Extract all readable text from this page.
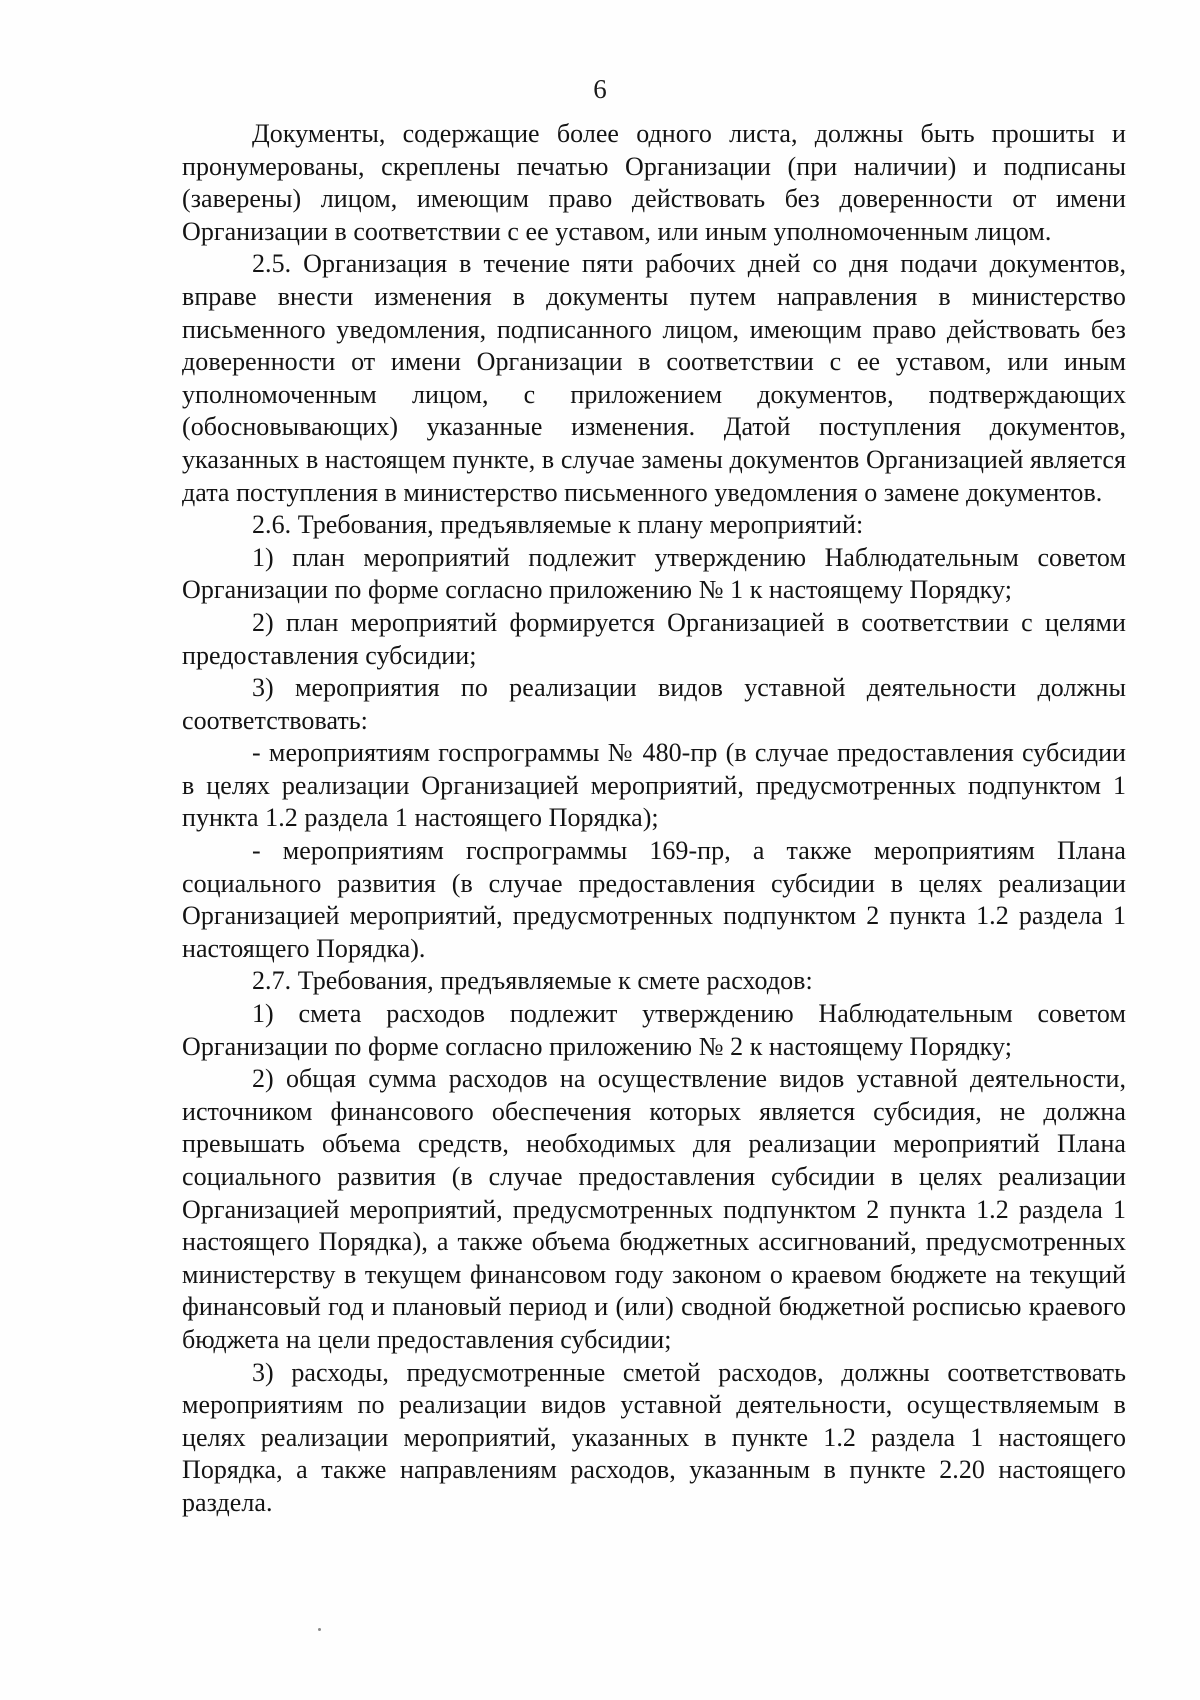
6

Документы, содержащие более одного листа, должны быть прошиты и пронумерованы, скреплены печатью Организации (при наличии) и подписаны (заверены) лицом, имеющим право действовать без доверенности от имени Организации в соответствии с ее уставом, или иным уполномоченным лицом.

2.5. Организация в течение пяти рабочих дней со дня подачи документов, вправе внести изменения в документы путем направления в министерство письменного уведомления, подписанного лицом, имеющим право действовать без доверенности от имени Организации в соответствии с ее уставом, или иным уполномоченным лицом, с приложением документов, подтверждающих (обосновывающих) указанные изменения. Датой поступления документов, указанных в настоящем пункте, в случае замены документов Организацией является дата поступления в министерство письменного уведомления о замене документов.

2.6. Требования, предъявляемые к плану мероприятий:

1) план мероприятий подлежит утверждению Наблюдательным советом Организации по форме согласно приложению № 1 к настоящему Порядку;

2) план мероприятий формируется Организацией в соответствии с целями предоставления субсидии;

3) мероприятия по реализации видов уставной деятельности должны соответствовать:

- мероприятиям госпрограммы № 480-пр (в случае предоставления субсидии в целях реализации Организацией мероприятий, предусмотренных подпунктом 1 пункта 1.2 раздела 1 настоящего Порядка);

- мероприятиям госпрограммы 169-пр, а также мероприятиям Плана социального развития (в случае предоставления субсидии в целях реализации Организацией мероприятий, предусмотренных подпунктом 2 пункта 1.2 раздела 1 настоящего Порядка).

2.7. Требования, предъявляемые к смете расходов:

1) смета расходов подлежит утверждению Наблюдательным советом Организации по форме согласно приложению № 2 к настоящему Порядку;

2) общая сумма расходов на осуществление видов уставной деятельности, источником финансового обеспечения которых является субсидия, не должна превышать объема средств, необходимых для реализации мероприятий Плана социального развития (в случае предоставления субсидии в целях реализации Организацией мероприятий, предусмотренных подпунктом 2 пункта 1.2 раздела 1 настоящего Порядка), а также объема бюджетных ассигнований, предусмотренных министерству в текущем финансовом году законом о краевом бюджете на текущий финансовый год и плановый период и (или) сводной бюджетной росписью краевого бюджета на цели предоставления субсидии;

3) расходы, предусмотренные сметой расходов, должны соответствовать мероприятиям по реализации видов уставной деятельности, осуществляемым в целях реализации мероприятий, указанных в пункте 1.2 раздела 1 настоящего Порядка, а также направлениям расходов, указанным в пункте 2.20 настоящего раздела.
